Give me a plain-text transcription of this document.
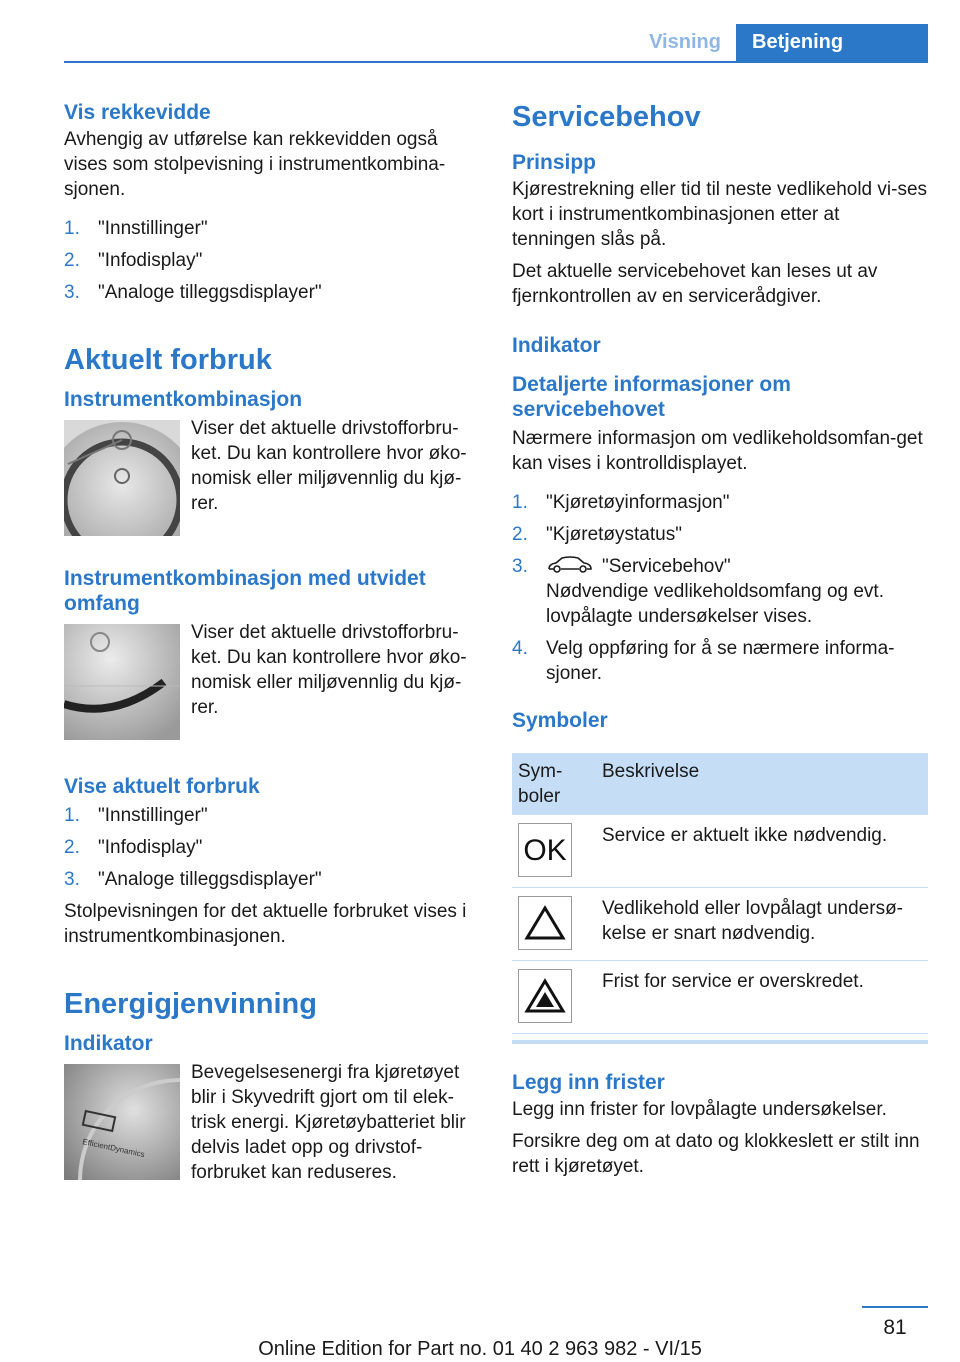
Visning	Betjening
Vis rekkevidde
Avhengig av utførelse kan rekkevidden også vises som stolpevisning i instrumentkombina-sjonen.
1. "Innstillinger"
2. "Infodisplay"
3. "Analoge tilleggsdisplayer"
Aktuelt forbruk
Instrumentkombinasjon
Viser det aktuelle drivstofforbru-ket. Du kan kontrollere hvor øko-nomisk eller miljøvennlig du kjø-rer.
Instrumentkombinasjon med utvidet omfang
Viser det aktuelle drivstofforbru-ket. Du kan kontrollere hvor øko-nomisk eller miljøvennlig du kjø-rer.
Vise aktuelt forbruk
1. "Innstillinger"
2. "Infodisplay"
3. "Analoge tilleggsdisplayer"
Stolpevisningen for det aktuelle forbruket vises i instrumentkombinasjonen.
Energigjenvinning
Indikator
EfficientDynamics
Bevegelsesenergi fra kjøretøyet blir i Skyvedrift gjort om til elek-trisk energi. Kjøretøybatteriet blir delvis ladet opp og drivstof-forbruket kan reduseres.
Servicebehov
Prinsipp
Kjørestrekning eller tid til neste vedlikehold vi-ses kort i instrumentkombinasjonen etter at tenningen slås på.
Det aktuelle servicebehovet kan leses ut av fjernkontrollen av en servicerådgiver.
Indikator
Detaljerte informasjoner om servicebehovet
Nærmere informasjon om vedlikeholdsomfan-get kan vises i kontrolldisplayet.
1. "Kjøretøyinformasjon"
2. "Kjøretøystatus"
3.	"Servicebehov"
Nødvendige vedlikeholdsomfang og evt. lovpålagte undersøkelser vises.
4. Velg oppføring for å se nærmere informa-sjoner.
Symboler
Sym-boler	Beskrivelse

OK	Service er aktuelt ikke nødvendig.

	Vedlikehold eller lovpålagt undersø-kelse er snart nødvendig.

	Frist for service er overskredet.
Legg inn frister
Legg inn frister for lovpålagte undersøkelser.
Forsikre deg om at dato og klokkeslett er stilt inn rett i kjøretøyet.
81
Online Edition for Part no. 01 40 2 963 982 - VI/15
